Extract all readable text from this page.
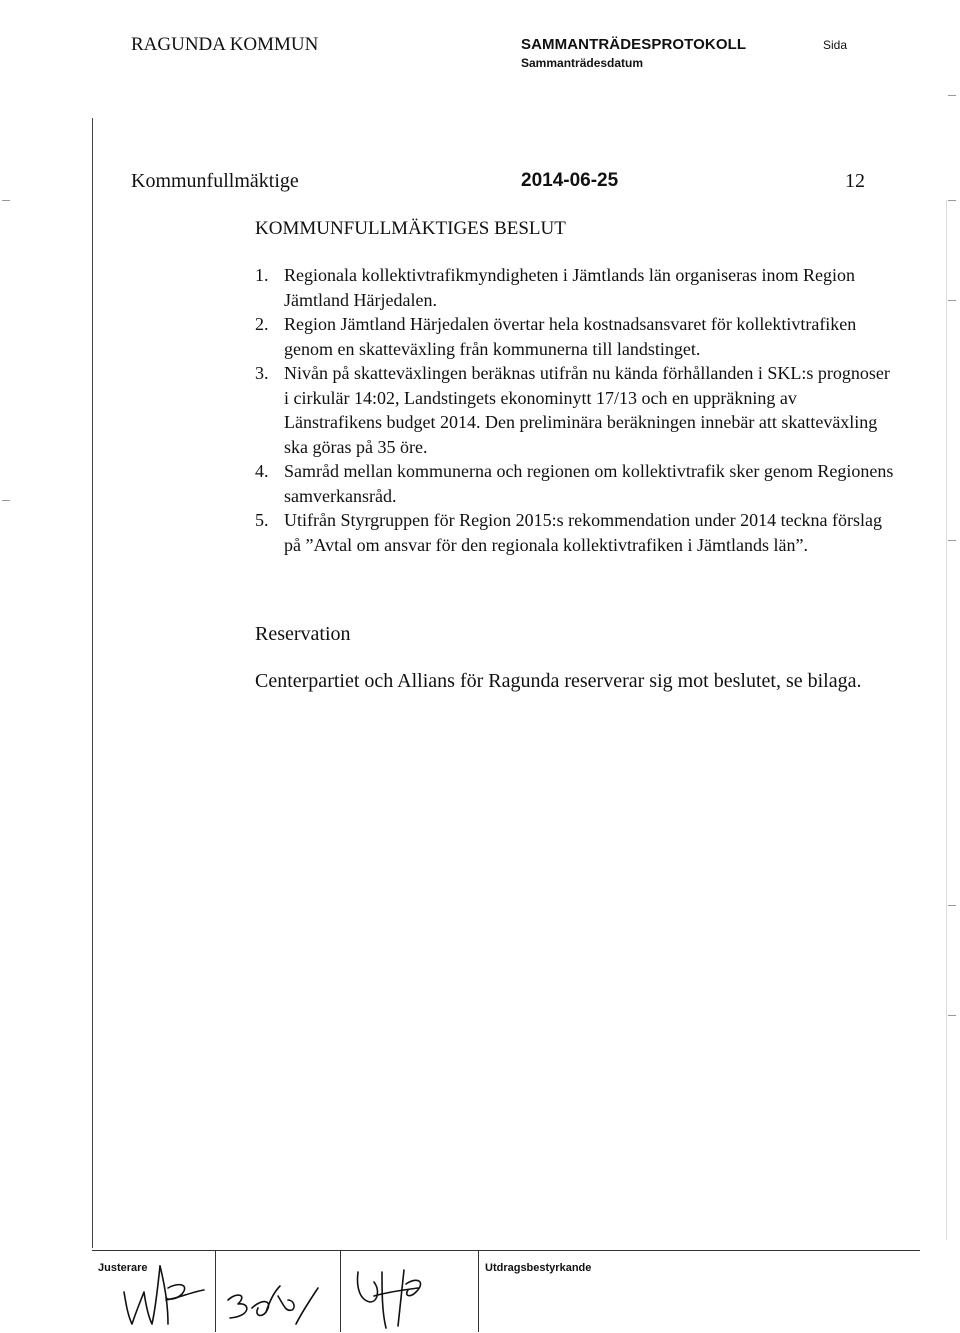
RAGUNDA KOMMUN	SAMMANTRÄDESPROTOKOLL
Sammanträdesdatum
Sida
Kommunfullmäktige	2014-06-25	12
KOMMUNFULLMÄKTIGES BESLUT
1. Regionala kollektivtrafikmyndigheten i Jämtlands län organiseras inom Region Jämtland Härjedalen.
2. Region Jämtland Härjedalen övertar hela kostnadsansvaret för kollektivtrafiken genom en skatteväxling från kommunerna till landstinget.
3. Nivån på skatteväxlingen beräknas utifrån nu kända förhållanden i SKL:s prognoser i cirkulär 14:02, Landstingets ekonominytt 17/13 och en uppräkning av Länstrafikens budget 2014. Den preliminära beräkningen innebär att skatteväxling ska göras på 35 öre.
4. Samråd mellan kommunerna och regionen om kollektivtrafik sker genom Regionens samverkansråd.
5. Utifrån Styrgruppen för Region 2015:s rekommendation under 2014 teckna förslag på ”Avtal om ansvar för den regionala kollektivtrafiken i Jämtlands län”.
Reservation
Centerpartiet och Allians för Ragunda reserverar sig mot beslutet, se bilaga.
Justerare	Utdragsbestyrkande
